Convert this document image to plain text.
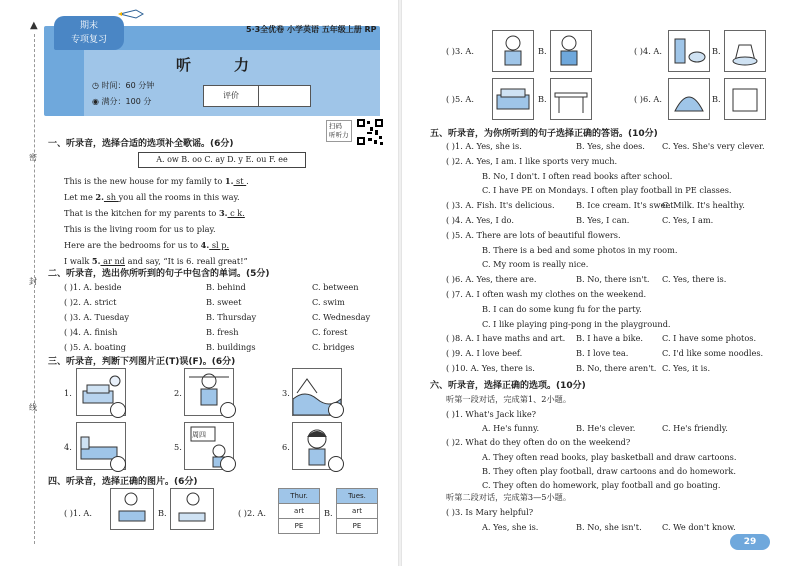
▲
密
封
线
期末
专项复习
5·3全优卷 小学英语 五年级上册 RP
听　力
◷ 时间：60 分钟
◉ 满分：100 分
评价
扫码
听听力
一、听录音，选择合适的选项补全歌谣。(6分)
A. ow B. oo C. ay D. y E. ou F. ee
This is the new house for my family to 1. st .
Let me 2. sh you all the rooms in this way.
That is the kitchen for my parents to 3. c k.
This is the living room for us to play.
Here are the bedrooms for us to 4. sl p.
I walk 5. ar nd and say, “It is 6. reall great!”
二、听录音，选出你所听到的句子中包含的单词。(5分)
( )1. A. beside	B. behind	C. between
( )2. A. strict	B. sweet	C. swim
( )3. A. Tuesday	B. Thursday	C. Wednesday
( )4. A. finish	B. fresh	C. forest
( )5. A. boating	B. buildings	C. bridges
三、听录音，判断下列图片正(T)误(F)。(6分)
1.	2.	3.
4.	5.
周四
6.
四、听录音，选择正确的图片。(6分)
( )1. A.	B.	( )2. A.
Thur.
art
PE
B.
Tues.
art
PE
( )3. A.	B.	( )4. A.	B.
( )5. A.	B.	( )6. A.	B.
五、听录音，为你所听到的句子选择正确的答语。(10分)
( )1. A. Yes, she is.	B. Yes, she does. C. Yes. She's very clever.
( )2. A. Yes, I am. I like sports very much.
B. No, I don't. I often read books after school.
C. I have PE on Mondays. I often play football in PE classes.
( )3. A. Fish. It's delicious.	B. Ice cream. It's sweet.
C. Milk. It's healthy.
( )4. A. Yes, I do.	B. Yes, I can.	C. Yes, I am.
( )5. A. There are lots of beautiful flowers.
B. There is a bed and some photos in my room.
C. My room is really nice.
( )6. A. Yes, there are.	B. No, there isn't. C. Yes, there is.
( )7. A. I often wash my clothes on the weekend.
B. I can do some kung fu for the party.
C. I like playing ping-pong in the playground.
( )8. A. I have maths and art. B. I have a bike. C. I have some photos.
( )9. A. I love beef.	B. I love tea.	C. I'd like some noodles.
( )10. A. Yes, there is.	B. No, there aren't. C. Yes, it is.
六、听录音，选择正确的选项。(10分)
听第一段对话，完成第1、2小题。
( )1. What's Jack like?
A. He's funny.	B. He's clever.	C. He's friendly.
( )2. What do they often do on the weekend?
A. They often read books, play basketball and draw cartoons.
B. They often play football, draw cartoons and do homework.
C. They often do homework, play football and go boating.
听第二段对话，完成第3—5小题。
( )3. Is Mary helpful?
A. Yes, she is.	B. No, she isn't. C. We don't know.
29
